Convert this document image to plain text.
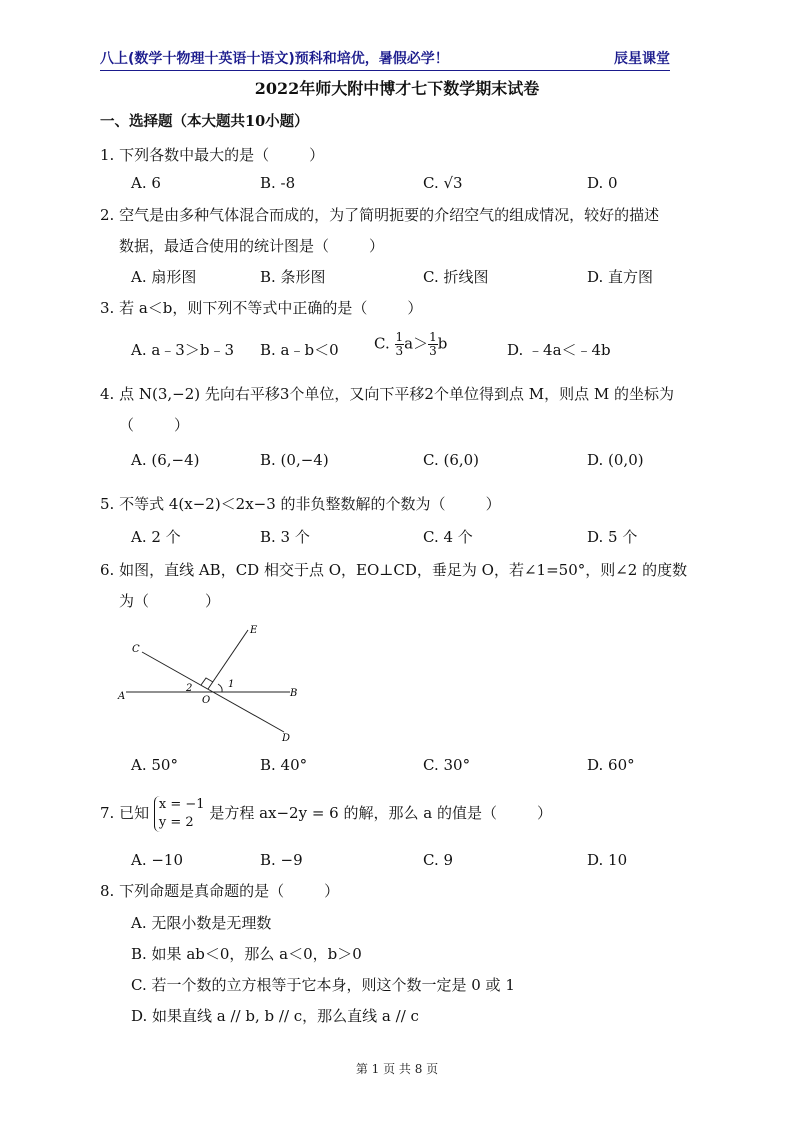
八上(数学十物理十英语十语文)预科和培优，暑假必学！	辰星课堂
2022年师大附中博才七下数学期末试卷
一、选择题（本大题共10小题）
1. 下列各数中最大的是（	）
A. 6	B. -8	C. √3	D. 0
2. 空气是由多种气体混合而成的，为了简明扼要的介绍空气的组成情况，较好的描述
数据，最适合使用的统计图是（	）
A. 扇形图	B. 条形图	C. 折线图	D. 直方图
3. 若 a＜b，则下列不等式中正确的是（	）
A. a﹣3＞b﹣3 B. a﹣b＜0 C. $\frac{1}{3} a> \frac{1}{3}$ b	D. ﹣4a＜﹣4b
4. 点 N(3,−2) 先向右平移3个单位，又向下平移2个单位得到点 M，则点 M 的坐标为
（	）
A. (6,−4)	B. (0,−4)	C. (6,0)	D. (0,0)
5. 不等式 4(x−2)＜2x−3 的非负整数解的个数为（	）
A. 2 个	B. 3 个	C. 4 个	D. 5 个
6. 如图，直线 AB，CD 相交于点 O，EO⊥CD，垂足为 O，若∠1=50°，则∠2 的度数
为（	）
C
E
A	B
O
D
1
2
A. 50°	B. 40°	C. 30°	D. 60°
7. 已知 x = −1
y = 2
是方程 ax−2y = 6 的解，那么 a 的值是（	）
A. −10	B. −9	C. 9	D. 10
8. 下列命题是真命题的是（	）
A. 无限小数是无理数
B. 如果 ab＜0，那么 a＜0，b＞0
C. 若一个数的立方根等于它本身，则这个数一定是 0 或 1
D. 如果直线 a // b, b // c，那么直线 a // c
第 1 页 共 8 页
